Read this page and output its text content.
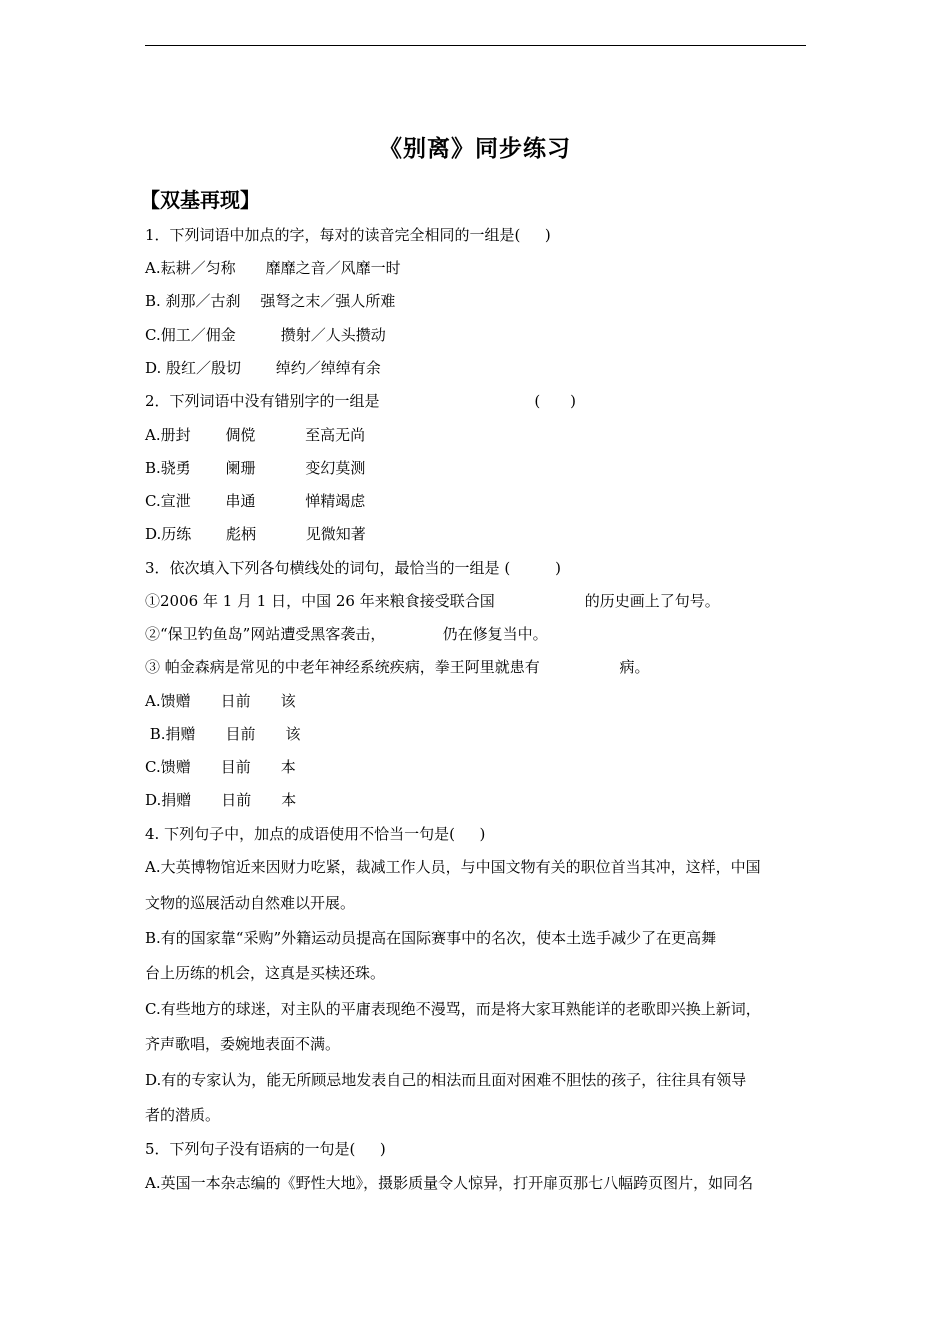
《别离》同步练习
【双基再现】
1．下列词语中加点的字，每对的读音完全相同的一组是(　  )
A.耘耕／匀称　　靡靡之音／风靡一时
B. 刹那／古刹　 强弩之末／强人所难
C.佣工／佣金　　　攒射／人头攒动
D. 殷红／殷切　　 绰约／绰绰有余
2．下列词语中没有错别字的一组是　　　　　　　　　　 (　　)
A.册封　　 倜傥　　　 至高无尚
B.骁勇　　 阑珊　　　 变幻莫测
C.宣泄　　 串通　　　 惮精竭虑
D.历练　　 彪柄　　　 见微知著
3．依次填入下列各句横线处的词句，最恰当的一组是 (　　　)
①2006 年 1 月 1 日，中国 26 年来粮食接受联合国　　　　　　的历史画上了句号。
②“保卫钓鱼岛”网站遭受黑客袭击，　　　　 仍在修复当中。
③ 帕金森病是常见的中老年神经系统疾病，拳王阿里就患有　　　　　 病。
A.馈赠　　日前　　该
B.捐赠　　目前　　该
C.馈赠　　目前　　本
D.捐赠　　日前　　本
4. 下列句子中，加点的成语使用不恰当一句是(　  )
A.大英博物馆近来因财力吃紧，裁减工作人员，与中国文物有关的职位首当其冲，这样，中国
文物的巡展活动自然难以开展。
B.有的国家靠“采购”外籍运动员提高在国际赛事中的名次，使本土选手减少了在更高舞
台上历练的机会，这真是买椟还珠。
C.有些地方的球迷，对主队的平庸表现绝不漫骂，而是将大家耳熟能详的老歌即兴换上新词，
齐声歌唱，委婉地表面不满。
D.有的专家认为，能无所顾忌地发表自己的相法而且面对困难不胆怯的孩子，往往具有领导
者的潜质。
5．下列句子没有语病的一句是(　  )
A.英国一本杂志编的《野性大地》，摄影质量令人惊异，打开扉页那七八幅跨页图片，如同名
